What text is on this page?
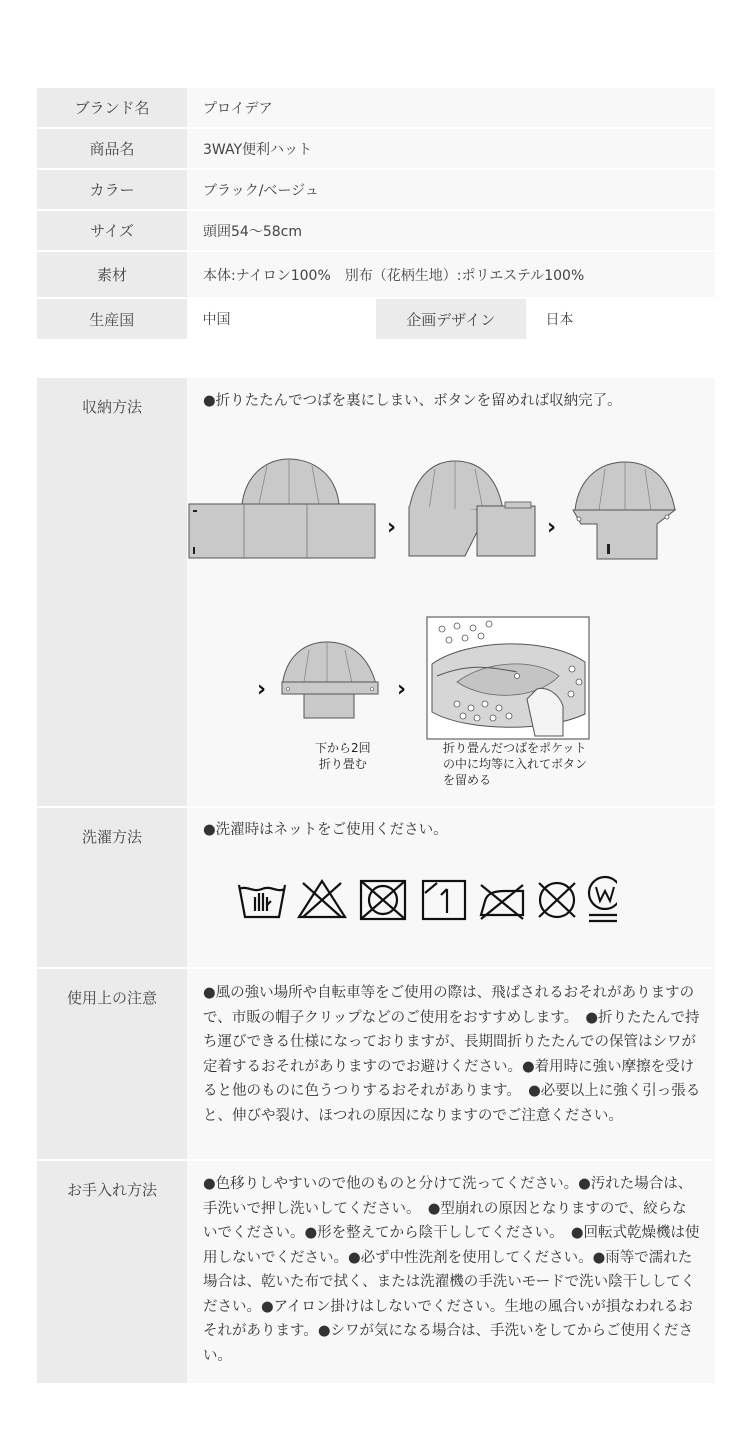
ブランド名	プロイデア
商品名	3WAY便利ハット
カラー	ブラック/ベージュ
サイズ	頭囲54〜58cm
素材	本体:ナイロン100%　別布（花柄生地）:ポリエステル100%
生産国	中国	企画デザイン	日本
収納方法	●折りたたんでつばを裏にしまい、ボタンを留めれば収納完了。
›	›
›	›
下から2回
折り畳む
折り畳んだつばをポケット
の中に均等に入れてボタン
を留める
洗濯方法	●洗濯時はネットをご使用ください。
使用上の注意	●風の強い場所や自転車等をご使用の際は、飛ばされるおそれがありますので、市販の帽子クリップなどのご使用をおすすめします。　●折りたたんで持ち運びできる仕様になっておりますが、長期間折りたたんでの保管はシワが定着するおそれがありますのでお避けください。●着用時に強い摩擦を受けると他のものに色うつりするおそれがあります。　●必要以上に強く引っ張ると、伸びや裂け、ほつれの原因になりますのでご注意ください。
お手入れ方法	●色移りしやすいので他のものと分けて洗ってください。●汚れた場合は、手洗いで押し洗いしてください。　●型崩れの原因となりますので、絞らないでください。●形を整えてから陰干ししてください。　●回転式乾燥機は使用しないでください。●必ず中性洗剤を使用してください。●雨等で濡れた場合は、乾いた布で拭く、または洗濯機の手洗いモードで洗い陰干ししてください。●アイロン掛けはしないでください。生地の風合いが損なわれるおそれがあります。●シワが気になる場合は、手洗いをしてからご使用ください。
